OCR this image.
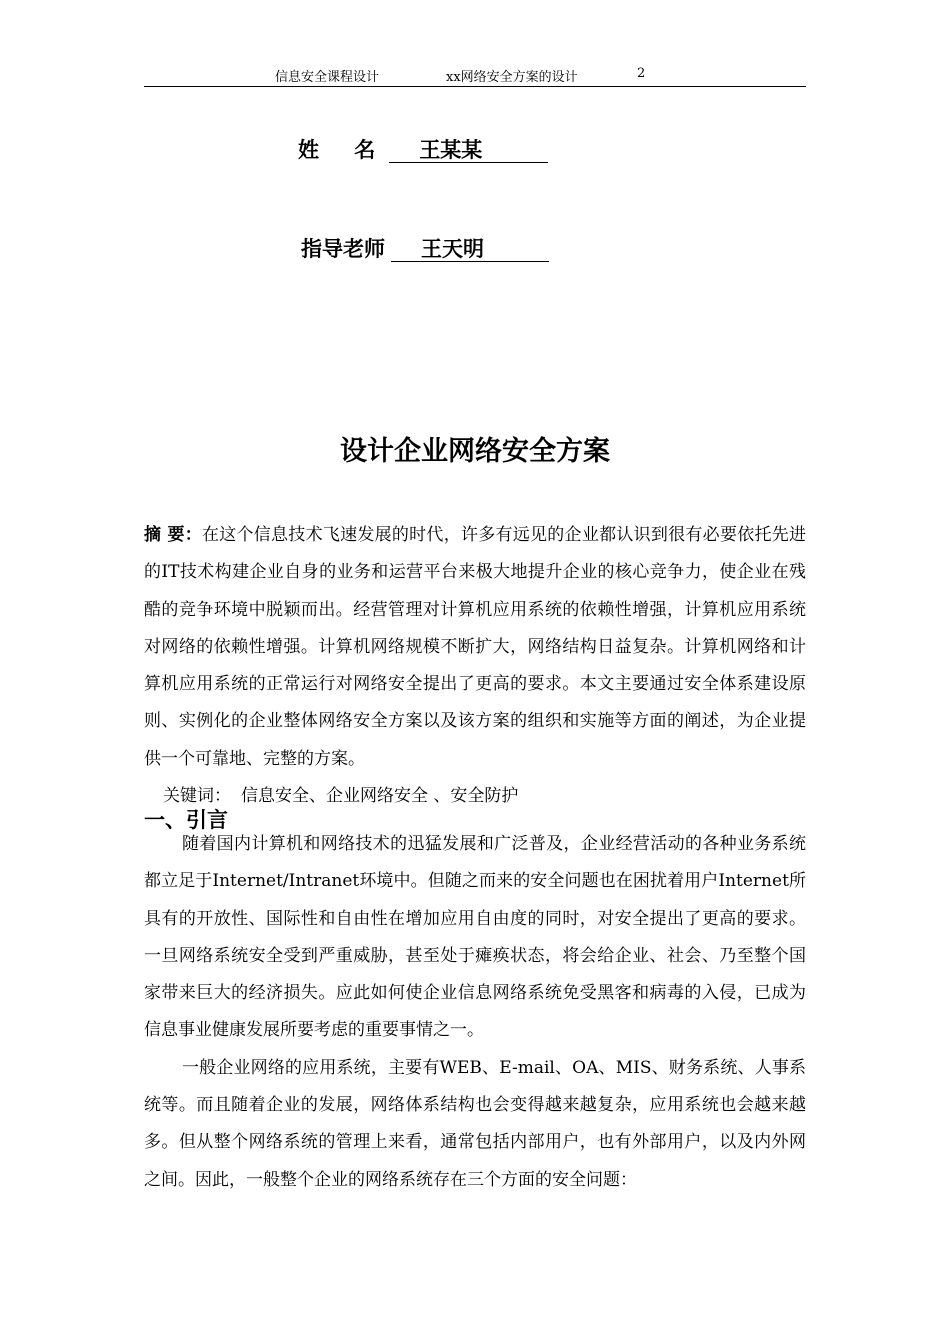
信息安全课程设计	xx网络安全方案的设计	2
姓 名 王某某
指导老师 王天明
设计企业网络安全方案
摘 要：在这个信息技术飞速发展的时代，许多有远见的企业都认识到很有必要依托先进的IT技术构建企业自身的业务和运营平台来极大地提升企业的核心竞争力，使企业在残酷的竞争环境中脱颖而出。经营管理对计算机应用系统的依赖性增强，计算机应用系统对网络的依赖性增强。计算机网络规模不断扩大，网络结构日益复杂。计算机网络和计算机应用系统的正常运行对网络安全提出了更高的要求。本文主要通过安全体系建设原则、实例化的企业整体网络安全方案以及该方案的组织和实施等方面的阐述，为企业提供一个可靠地、完整的方案。
关键词： 信息安全、企业网络安全 、安全防护
一、引言

随着国内计算机和网络技术的迅猛发展和广泛普及，企业经营活动的各种业务系统都立足于Internet/Intranet环境中。但随之而来的安全问题也在困扰着用户Internet所具有的开放性、国际性和自由性在增加应用自由度的同时，对安全提出了更高的要求。一旦网络系统安全受到严重威胁，甚至处于瘫痪状态，将会给企业、社会、乃至整个国家带来巨大的经济损失。应此如何使企业信息网络系统免受黑客和病毒的入侵，已成为信息事业健康发展所要考虑的重要事情之一。

一般企业网络的应用系统，主要有WEB、E-mail、OA、MIS、财务系统、人事系统等。而且随着企业的发展，网络体系结构也会变得越来越复杂，应用系统也会越来越多。但从整个网络系统的管理上来看，通常包括内部用户，也有外部用户，以及内外网之间。因此，一般整个企业的网络系统存在三个方面的安全问题：
